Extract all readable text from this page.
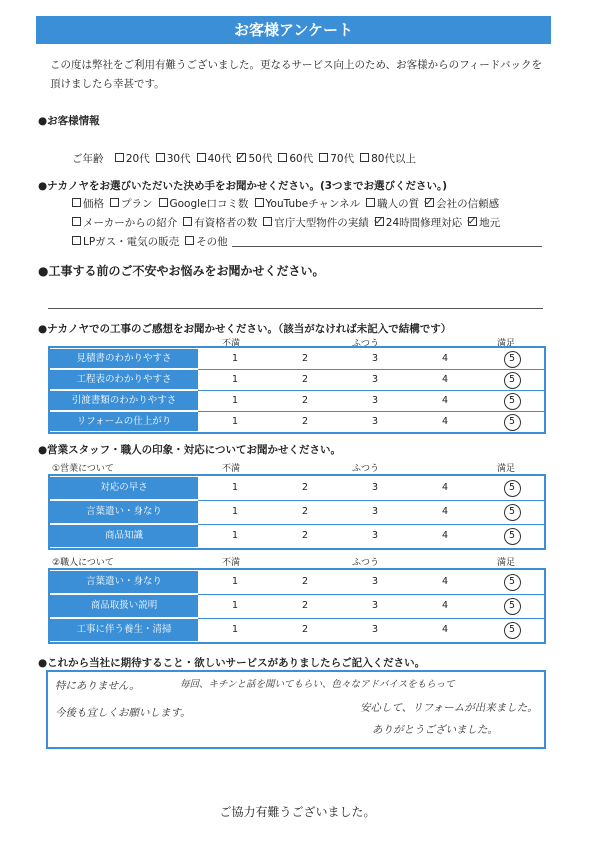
お客様アンケート
この度は弊社をご利用有難うございました。更なるサービス向上のため、お客様からのフィードバックを頂けましたら幸甚です。
●お客様情報
ご年齢 20代 30代 40代 50代 60代 70代 80代以上
●ナカノヤをお選びいただいた決め手をお聞かせください。(3つまでお選びください。)
価格 プラン Google口コミ数 YouTubeチャンネル 職人の質 会社の信頼感
メーカーからの紹介 有資格者の数 官庁大型物件の実績 24時間修理対応 地元
LPガス・電気の販売 その他
●工事する前のご不安やお悩みをお聞かせください。
●ナカノヤでの工事のご感想をお聞かせください。（該当がなければ未記入で結構です）
不満	ふつう	満足
見積書のわかりやすさ	1	2	3	4	5
工程表のわかりやすさ	1	2	3	4	5
引渡書類のわかりやすさ	1	2	3	4	5
リフォームの仕上がり	1	2	3	4	5
●営業スタッフ・職人の印象・対応についてお聞かせください。
①営業について	不満	ふつう	満足
対応の早さ	1	2	3	4	5
言葉遣い・身なり	1	2	3	4	5
商品知識	1	2	3	4	5
②職人について	不満	ふつう	満足
言葉遣い・身なり	1	2	3	4	5
商品取扱い説明	1	2	3	4	5
工事に伴う養生・清掃	1	2	3	4	5
●これから当社に期待すること・欲しいサービスがありましたらご記入ください。
特にありません。	毎回、キチンと話を聞いてもらい、色々なアドバイスをもらって
今後も宜しくお願いします。	安心して、リフォームが出来ました。
ありがとうございました。
ご協力有難うございました。
